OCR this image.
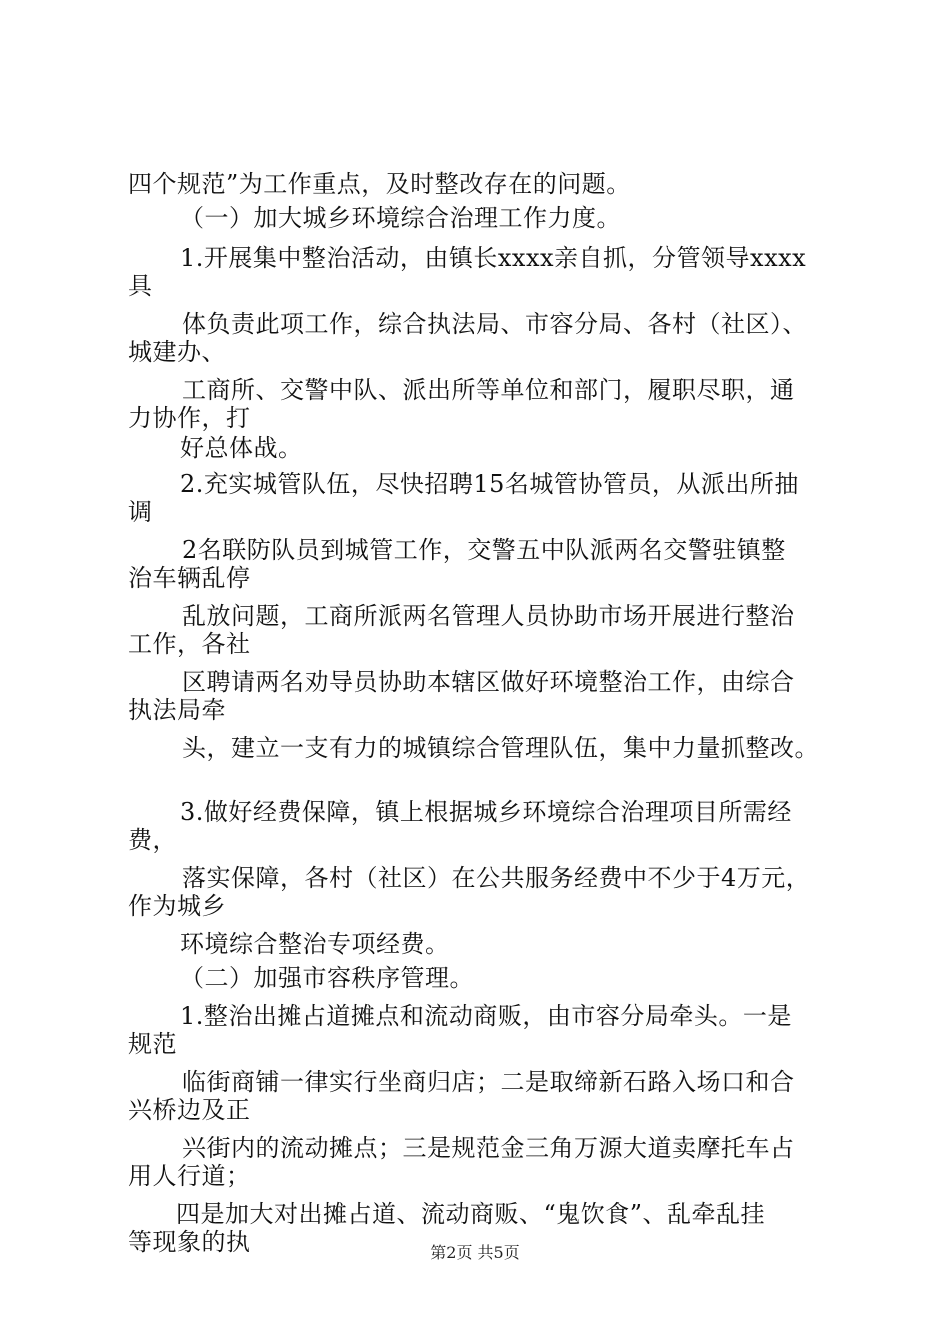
四个规范”为工作重点，及时整改存在的问题。
（一）加大城乡环境综合治理工作力度。
1.开展集中整治活动，由镇长xxxx亲自抓，分管领导xxxx
具
体负责此项工作，综合执法局、市容分局、各村（社区）、
城建办、
工商所、交警中队、派出所等单位和部门，履职尽职，通
力协作，打
好总体战。
2.充实城管队伍，尽快招聘15名城管协管员，从派出所抽
调
2名联防队员到城管工作，交警五中队派两名交警驻镇整
治车辆乱停
乱放问题，工商所派两名管理人员协助市场开展进行整治
工作，各社
区聘请两名劝导员协助本辖区做好环境整治工作，由综合
执法局牵
头，建立一支有力的城镇综合管理队伍，集中力量抓整改。
3.做好经费保障，镇上根据城乡环境综合治理项目所需经
费，
落实保障，各村（社区）在公共服务经费中不少于4万元，
作为城乡
环境综合整治专项经费。
（二）加强市容秩序管理。
1.整治出摊占道摊点和流动商贩，由市容分局牵头。一是
规范
临街商铺一律实行坐商归店；二是取缔新石路入场口和合
兴桥边及正
兴街内的流动摊点；三是规范金三角万源大道卖摩托车占
用人行道；
四是加大对出摊占道、流动商贩、“鬼饮食”、乱牵乱挂
等现象的执	第2页 共5页
